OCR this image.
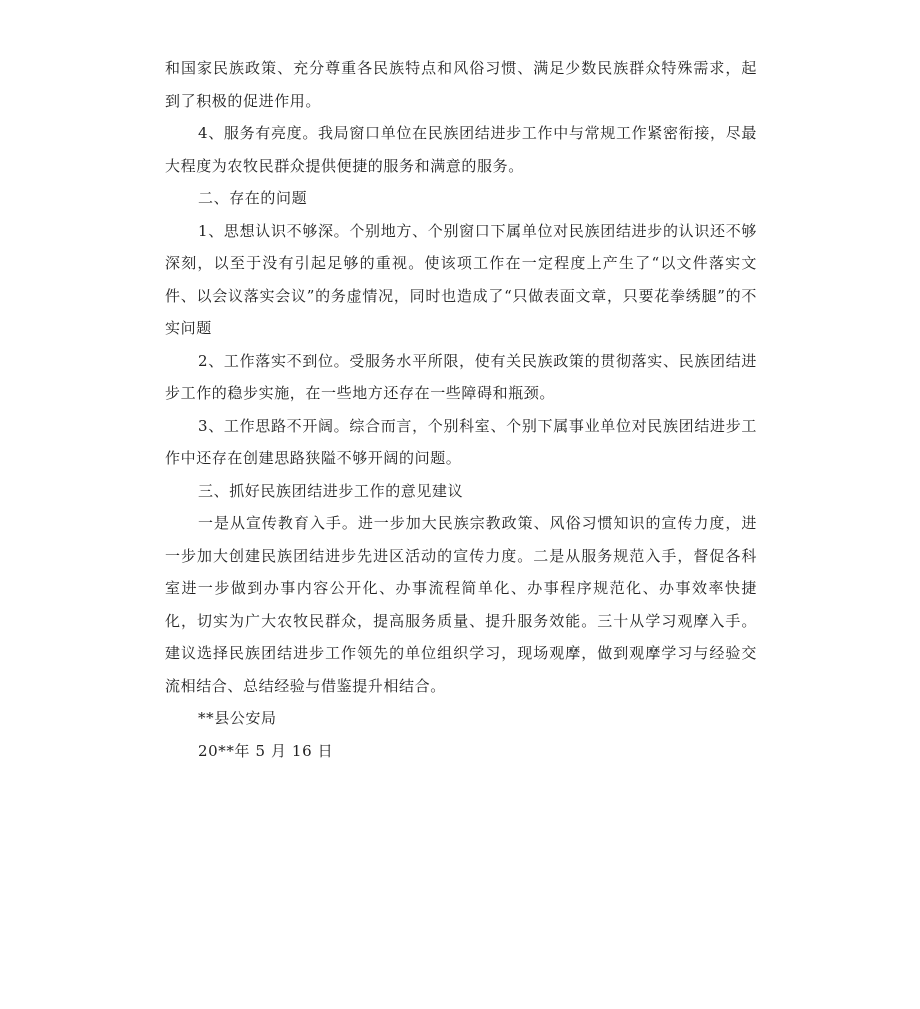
和国家民族政策、充分尊重各民族特点和风俗习惯、满足少数民族群众特殊需求，起到了积极的促进作用。

4、服务有亮度。我局窗口单位在民族团结进步工作中与常规工作紧密衔接，尽最大程度为农牧民群众提供便捷的服务和满意的服务。

二、存在的问题

1、思想认识不够深。个别地方、个别窗口下属单位对民族团结进步的认识还不够深刻，以至于没有引起足够的重视。使该项工作在一定程度上产生了“以文件落实文件、以会议落实会议”的务虚情况，同时也造成了“只做表面文章，只要花拳绣腿”的不实问题

2、工作落实不到位。受服务水平所限，使有关民族政策的贯彻落实、民族团结进步工作的稳步实施，在一些地方还存在一些障碍和瓶颈。

3、工作思路不开阔。综合而言，个别科室、个别下属事业单位对民族团结进步工作中还存在创建思路狭隘不够开阔的问题。

三、抓好民族团结进步工作的意见建议

一是从宣传教育入手。进一步加大民族宗教政策、风俗习惯知识的宣传力度，进一步加大创建民族团结进步先进区活动的宣传力度。二是从服务规范入手，督促各科室进一步做到办事内容公开化、办事流程简单化、办事程序规范化、办事效率快捷化，切实为广大农牧民群众，提高服务质量、提升服务效能。三十从学习观摩入手。建议选择民族团结进步工作领先的单位组织学习，现场观摩，做到观摩学习与经验交流相结合、总结经验与借鉴提升相结合。

**县公安局

20**年 5 月 16 日
